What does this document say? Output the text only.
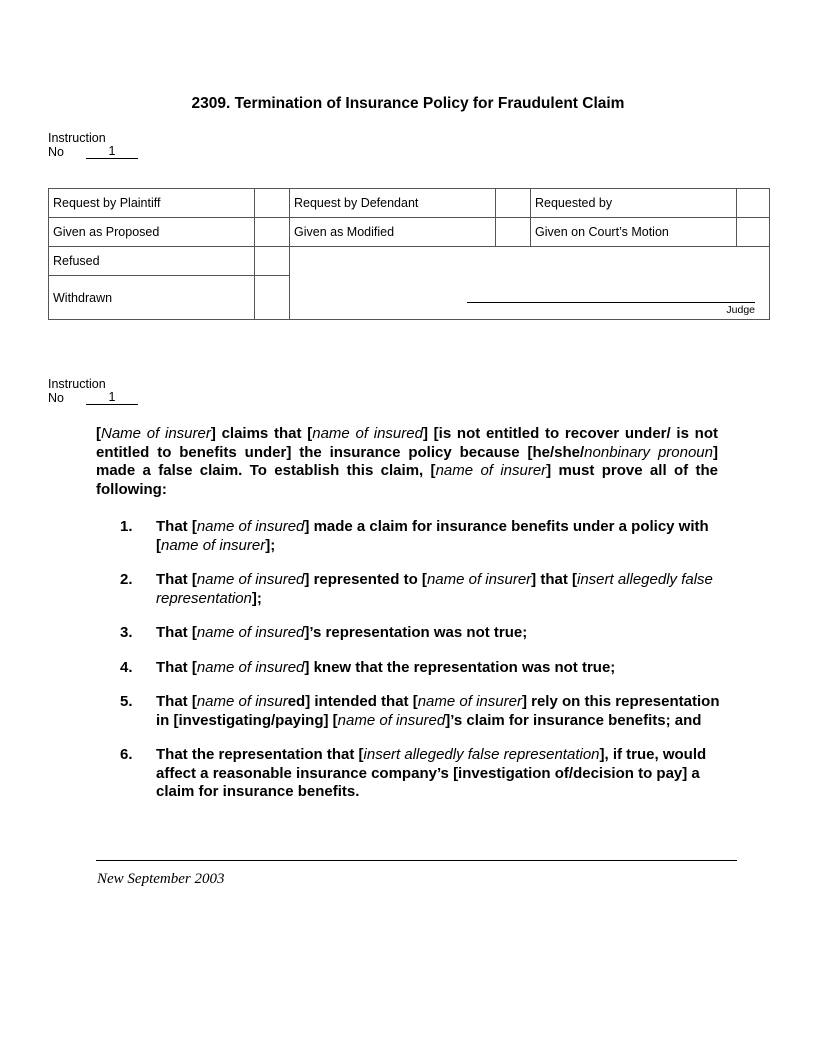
2309. Termination of Insurance Policy for Fraudulent Claim
Instruction
No	1
Request by Plaintiff		Request by Defendant		Requested by	
Given as Proposed		Given as Modified		Given on Court’s Motion	
Refused		Judge			

Withdrawn					
Instruction
No	1
[Name of insurer] claims that [name of insured] [is not entitled to recover under/ is not entitled to benefits under] the insurance policy because [he/she/nonbinary pronoun] made a false claim. To establish this claim, [name of insurer] must prove all of the following:
1.	That [name of insured] made a claim for insurance benefits under a policy with [name of insurer];
2.	That [name of insured] represented to [name of insurer] that [insert allegedly false representation];
3.	That [name of insured]’s representation was not true;
4.	That [name of insured] knew that the representation was not true;
5.	That [name of insured] intended that [name of insurer] rely on this representation in [investigating/paying] [name of insured]’s claim for insurance benefits; and
6.	That the representation that [insert allegedly false representation], if true, would affect a reasonable insurance company’s [investigation of/decision to pay] a claim for insurance benefits.
New September 2003
